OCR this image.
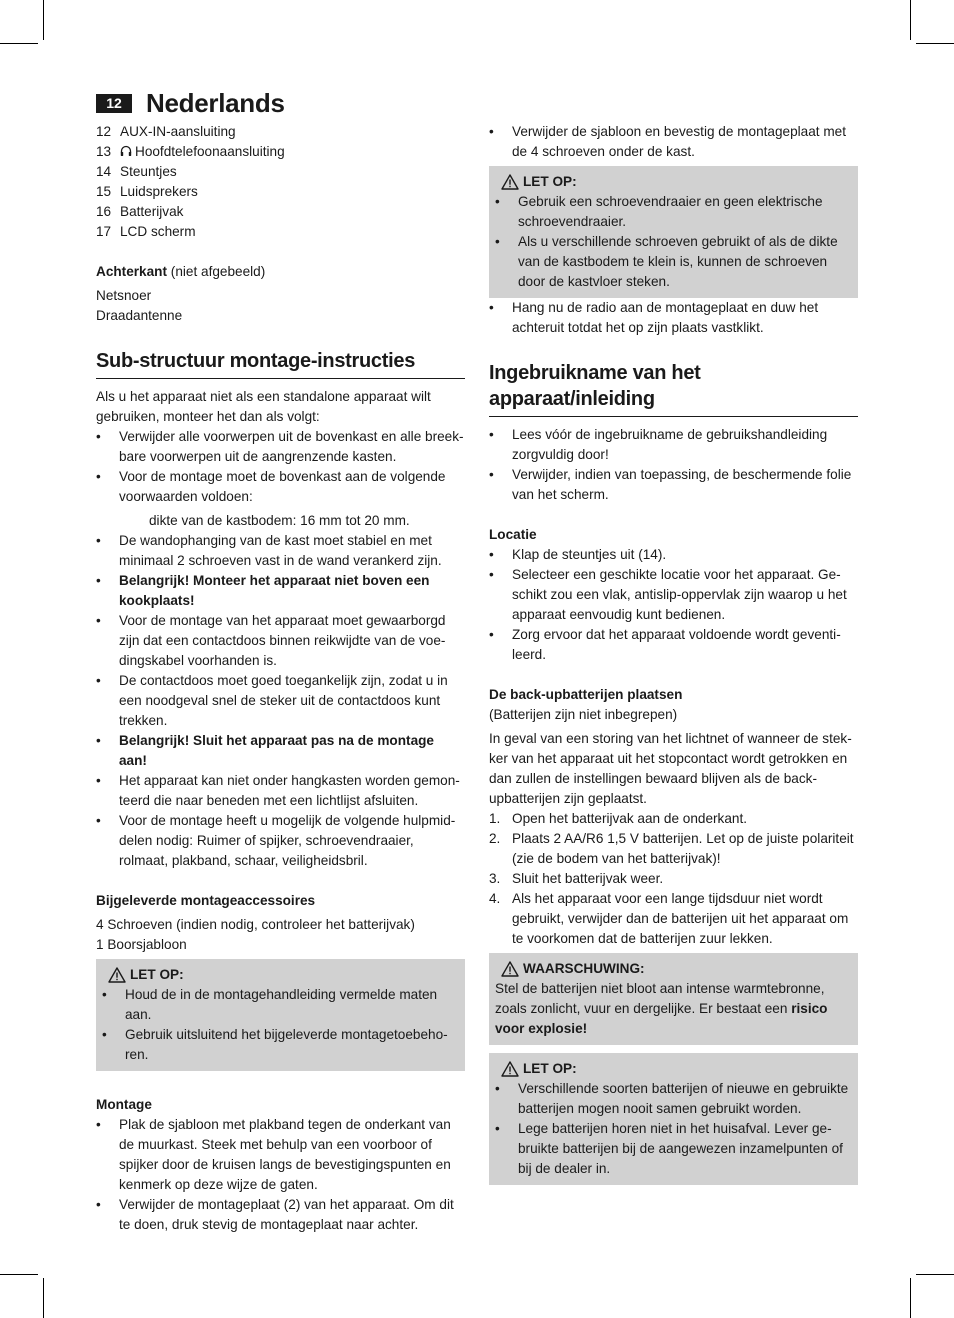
12 Nederlands
12 AUX-IN-aansluiting
13	Hoofdtelefoonaansluiting
14 Steuntjes
15 Luidsprekers
16 Batterijvak
17 LCD scherm

Achterkant (niet afgebeeld)

Netsnoer

Draadantenne

Sub-structuur montage-instructies

Als u het apparaat niet als een standalone apparaat wilt gebruiken, monteer het dan als volgt:

• Verwijder alle voorwerpen uit de bovenkast en alle breek-bare voorwerpen uit de aangrenzende kasten.
• Voor de montage moet de bovenkast aan de volgende voorwaarden voldoen:

dikte van de kastbodem: 16 mm tot 20 mm.

• De wandophanging van de kast moet stabiel en met minimaal 2 schroeven vast in de wand verankerd zijn.
• Belangrijk! Monteer het apparaat niet boven een kookplaats!
• Voor de montage van het apparaat moet gewaarborgd zijn dat een contactdoos binnen reikwijdte van de voe-dingskabel voorhanden is.
• De contactdoos moet goed toegankelijk zijn, zodat u in een noodgeval snel de steker uit de contactdoos kunt trekken.
• Belangrijk! Sluit het apparaat pas na de montage aan!
• Het apparaat kan niet onder hangkasten worden gemon-teerd die naar beneden met een lichtlijst afsluiten.
• Voor de montage heeft u mogelijk de volgende hulpmid-delen nodig: Ruimer of spijker, schroevendraaier, rolmaat, plakband, schaar, veiligheidsbril.
Bijgeleverde montageaccessoires

4 Schroeven (indien nodig, controleer het batterijvak)

1 Boorsjabloon

LET OP:
• Houd de in de montagehandleiding vermelde maten aan.
• Gebruik uitsluitend het bijgeleverde montagetoebeho-ren.
Montage
• Plak de sjabloon met plakband tegen de onderkant van de muurkast. Steek met behulp van een voorboor of spijker door de kruisen langs de bevestigingspunten en kenmerk op deze wijze de gaten.
• Verwijder de montageplaat (2) van het apparaat. Om dit te doen, druk stevig de montageplaat naar achter.
• Verwijder de sjabloon en bevestig de montageplaat met de 4 schroeven onder de kast.
LET OP:
• Gebruik een schroevendraaier en geen elektrische schroevendraaier.
• Als u verschillende schroeven gebruikt of als de dikte van de kastbodem te klein is, kunnen de schroeven door de kastvloer steken.
• Hang nu de radio aan de montageplaat en duw het achteruit totdat het op zijn plaats vastklikt.
Ingebruikname van het apparaat/inleiding
• Lees vóór de ingebruikname de gebruikshandleiding zorgvuldig door!
• Verwijder, indien van toepassing, de beschermende folie van het scherm.
Locatie
• Klap de steuntjes uit (14).
• Selecteer een geschikte locatie voor het apparaat. Ge-schikt zou een vlak, antislip-oppervlak zijn waarop u het apparaat eenvoudig kunt bedienen.
• Zorg ervoor dat het apparaat voldoende wordt geventi-leerd.
De back-upbatterijen plaatsen

(Batterijen zijn niet inbegrepen)

In geval van een storing van het lichtnet of wanneer de stek-ker van het apparaat uit het stopcontact wordt getrokken en dan zullen de instellingen bewaard blijven als de back-upbatterijen zijn geplaatst.

1. Open het batterijvak aan de onderkant.
2. Plaats 2 AA/R6 1,5 V batterijen. Let op de juiste polariteit (zie de bodem van het batterijvak)!
3. Sluit het batterijvak weer.
4. Als het apparaat voor een lange tijdsduur niet wordt gebruikt, verwijder dan de batterijen uit het apparaat om te voorkomen dat de batterijen zuur lekken.
WAARSCHUWING:

Stel de batterijen niet bloot aan intense warmtebronne, zoals zonlicht, vuur en dergelijke. Er bestaat een risico voor explosie!

LET OP:
• Verschillende soorten batterijen of nieuwe en gebruikte batterijen mogen nooit samen gebruikt worden.
• Lege batterijen horen niet in het huisafval. Lever ge-bruikte batterijen bij de aangewezen inzamelpunten of bij de dealer in.
